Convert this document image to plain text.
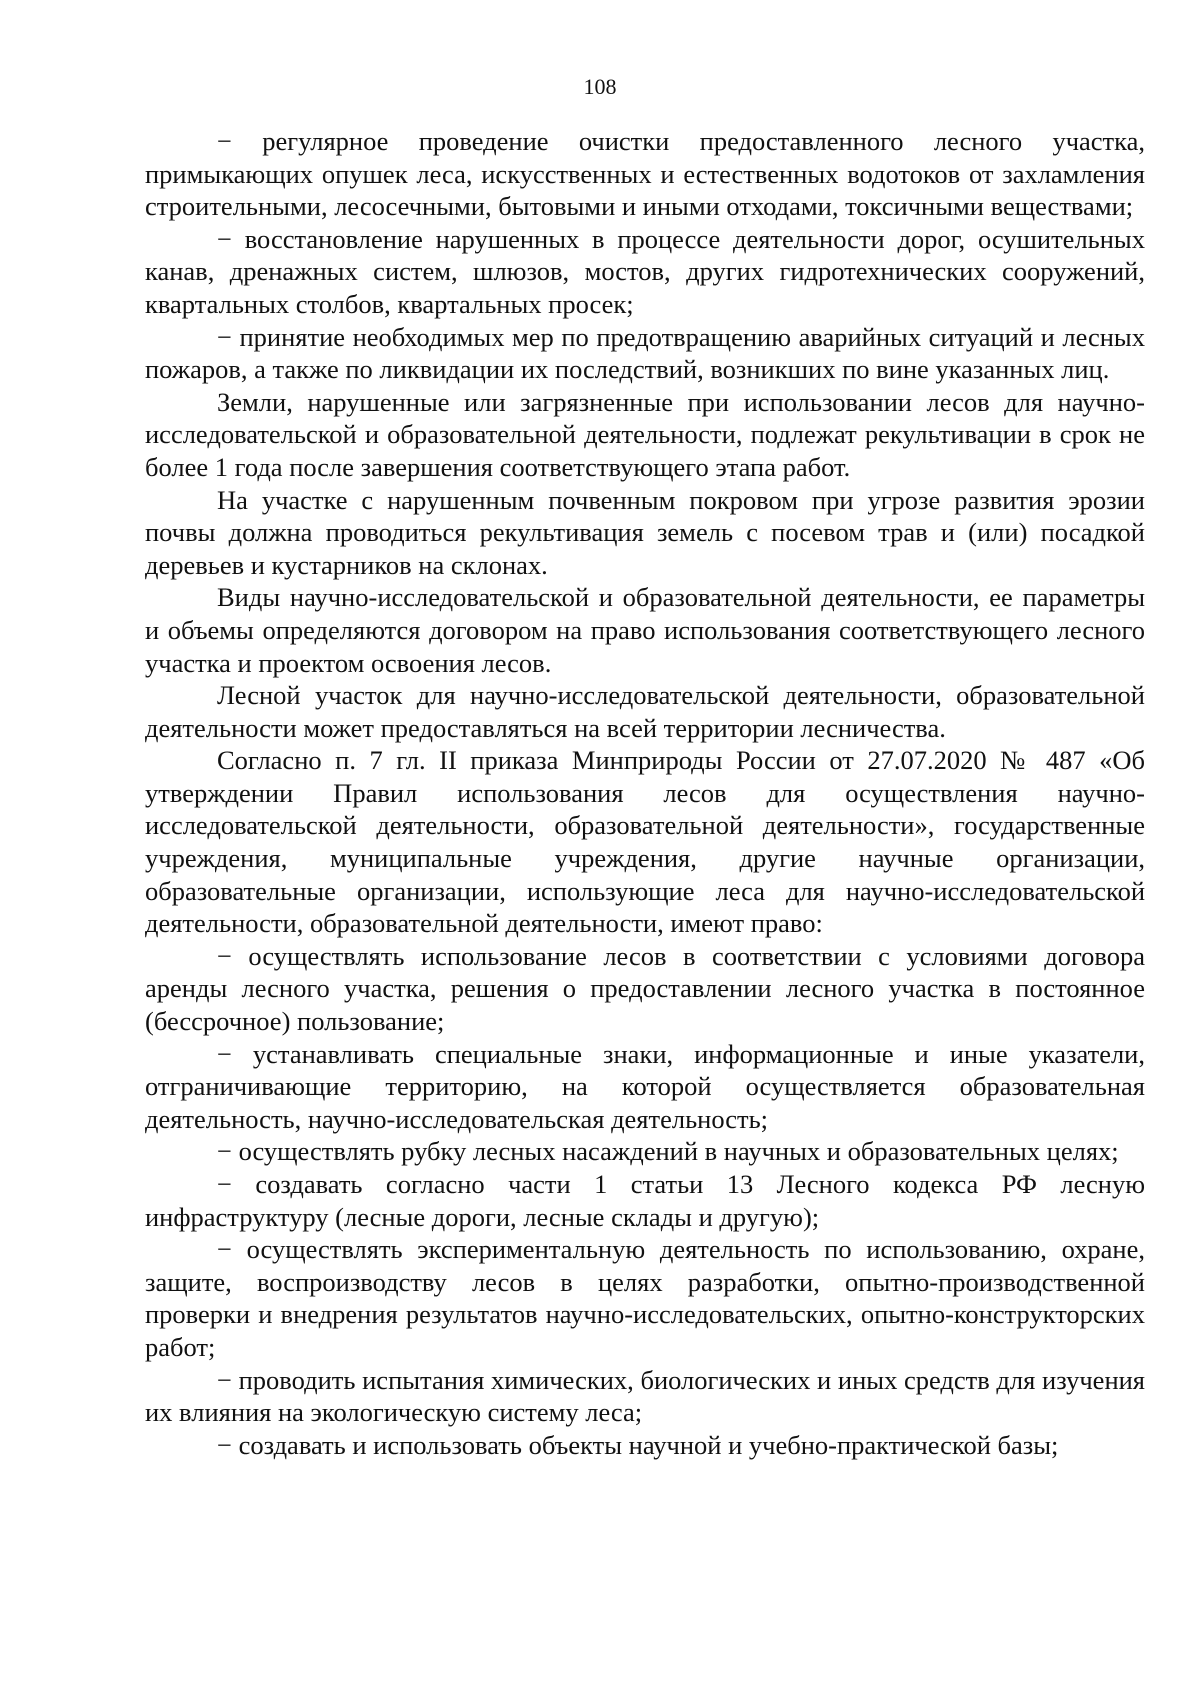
108

− регулярное проведение очистки предоставленного лесного участка, примыкающих опушек леса, искусственных и естественных водотоков от захламления строительными, лесосечными, бытовыми и иными отходами, токсичными веществами;

− восстановление нарушенных в процессе деятельности дорог, осушительных канав, дренажных систем, шлюзов, мостов, других гидротехнических сооружений, квартальных столбов, квартальных просек;

− принятие необходимых мер по предотвращению аварийных ситуаций и лесных пожаров, а также по ликвидации их последствий, возникших по вине указанных лиц.

Земли, нарушенные или загрязненные при использовании лесов для научно-исследовательской и образовательной деятельности, подлежат рекультивации в срок не более 1 года после завершения соответствующего этапа работ.

На участке с нарушенным почвенным покровом при угрозе развития эрозии почвы должна проводиться рекультивация земель с посевом трав и (или) посадкой деревьев и кустарников на склонах.

Виды научно-исследовательской и образовательной деятельности, ее параметры и объемы определяются договором на право использования соответствующего лесного участка и проектом освоения лесов.

Лесной участок для научно-исследовательской деятельности, образовательной деятельности может предоставляться на всей территории лесничества.

Согласно п. 7 гл. II приказа Минприроды России от 27.07.2020 № 487 «Об утверждении Правил использования лесов для осуществления научно-исследовательской деятельности, образовательной деятельности», государственные учреждения, муниципальные учреждения, другие научные организации, образовательные организации, использующие леса для научно-исследовательской деятельности, образовательной деятельности, имеют право:

− осуществлять использование лесов в соответствии с условиями договора аренды лесного участка, решения о предоставлении лесного участка в постоянное (бессрочное) пользование;

− устанавливать специальные знаки, информационные и иные указатели, отграничивающие территорию, на которой осуществляется образовательная деятельность, научно-исследовательская деятельность;

− осуществлять рубку лесных насаждений в научных и образовательных целях;

− создавать согласно части 1 статьи 13 Лесного кодекса РФ лесную инфраструктуру (лесные дороги, лесные склады и другую);

− осуществлять экспериментальную деятельность по использованию, охране, защите, воспроизводству лесов в целях разработки, опытно-производственной проверки и внедрения результатов научно-исследовательских, опытно-конструкторских работ;

− проводить испытания химических, биологических и иных средств для изучения их влияния на экологическую систему леса;

− создавать и использовать объекты научной и учебно-практической базы;
